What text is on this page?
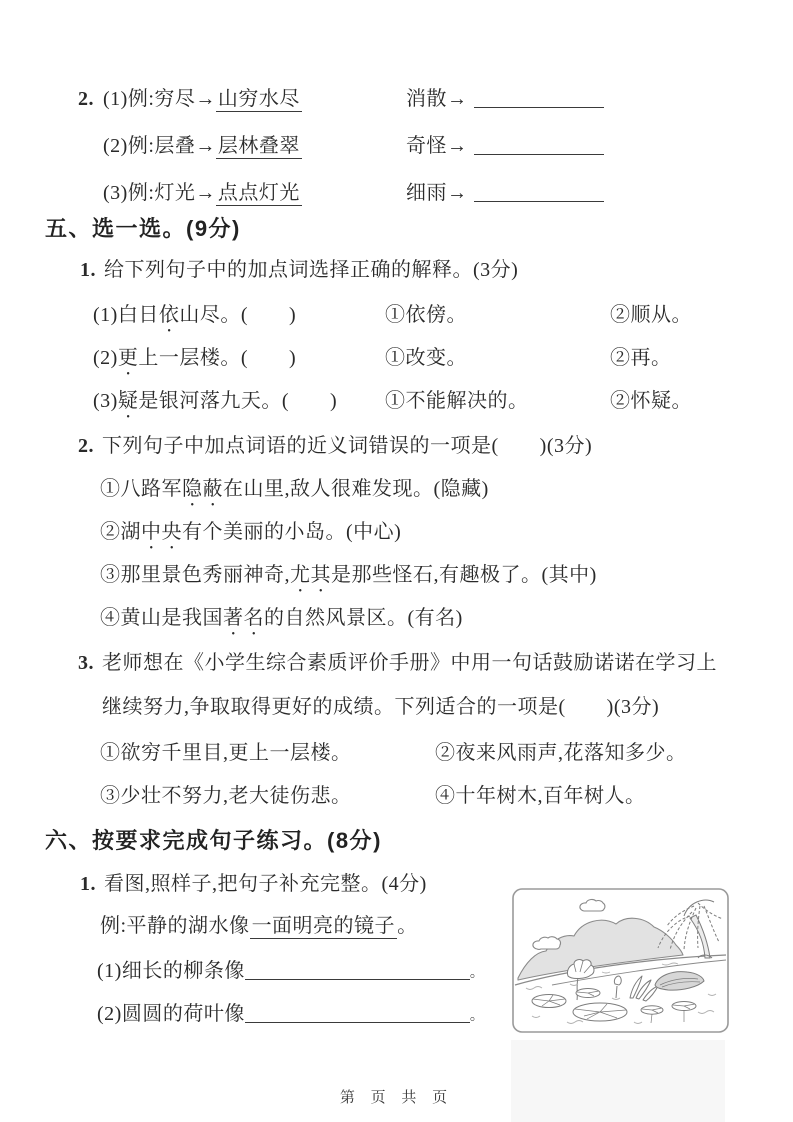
2. (1)例:穷尽→ 山穷水尽	消散→
(2)例:层叠→ 层林叠翠	奇怪→
(3)例:灯光→ 点点灯光	细雨→
五、选一选。(9分)
1. 给下列句子中的加点词选择正确的解释。(3分)
(1)白日依山尽。(　　)	①依傍。	②顺从。
(2)更上一层楼。(　　)	①改变。	②再。
(3)疑是银河落九天。(　　) ①不能解决的。	②怀疑。
2. 下列句子中加点词语的近义词错误的一项是(　　)(3分)
①八路军隐蔽在山里,敌人很难发现。(隐藏)
②湖中央有个美丽的小岛。(中心)
③那里景色秀丽神奇,尤其是那些怪石,有趣极了。(其中)
④黄山是我国著名的自然风景区。(有名)
3. 老师想在《小学生综合素质评价手册》中用一句话鼓励诺诺在学习上
继续努力,争取取得更好的成绩。下列适合的一项是(　　)(3分)
①欲穷千里目,更上一层楼。	②夜来风雨声,花落知多少。
③少壮不努力,老大徒伤悲。	④十年树木,百年树人。
六、按要求完成句子练习。(8分)
1. 看图,照样子,把句子补充完整。(4分)
例:平静的湖水像 一面明亮的镜子 。
(1)细长的柳条像	。
(2)圆圆的荷叶像	。
第 页 共 页
